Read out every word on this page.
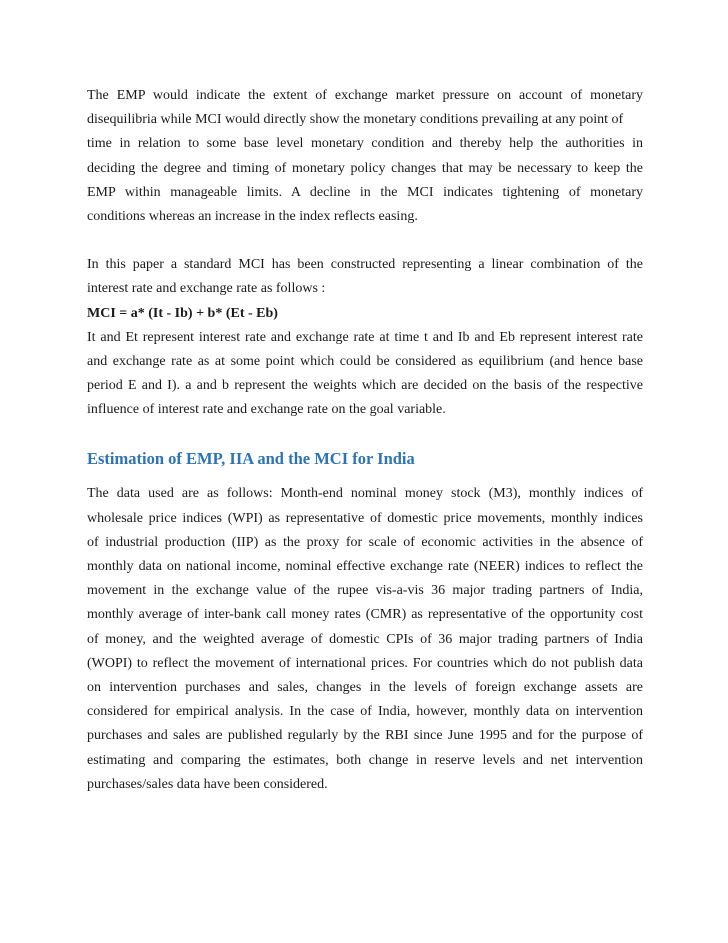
The EMP would indicate the extent of exchange market pressure on account of monetary
disequilibria while MCI would directly show the monetary conditions prevailing at any point of
time in relation to some base level monetary condition and thereby help the authorities in
deciding the degree and timing of monetary policy changes that may be necessary to keep the
EMP within manageable limits. A decline in the MCI indicates tightening of monetary
conditions whereas an increase in the index reflects easing.

In this paper a standard MCI has been constructed representing a linear combination of the
interest rate and exchange rate as follows :
MCI = a* (It - Ib) + b* (Et - Eb)
It and Et represent interest rate and exchange rate at time t and Ib and Eb represent interest rate
and exchange rate as at some point which could be considered as equilibrium (and hence base
period E and I). a and b represent the weights which are decided on the basis of the respective
influence of interest rate and exchange rate on the goal variable.

Estimation of EMP, IIA and the MCI for India

The data used are as follows: Month-end nominal money stock (M3), monthly indices of
wholesale price indices (WPI) as representative of domestic price movements, monthly indices
of industrial production (IIP) as the proxy for scale of economic activities in the absence of
monthly data on national income, nominal effective exchange rate (NEER) indices to reflect the
movement in the exchange value of the rupee vis-a-vis 36 major trading partners of India,
monthly average of inter-bank call money rates (CMR) as representative of the opportunity cost
of money, and the weighted average of domestic CPIs of 36 major trading partners of India
(WOPI) to reflect the movement of international prices. For countries which do not publish data
on intervention purchases and sales, changes in the levels of foreign exchange assets are
considered for empirical analysis. In the case of India, however, monthly data on intervention
purchases and sales are published regularly by the RBI since June 1995 and for the purpose of
estimating and comparing the estimates, both change in reserve levels and net intervention
purchases/sales data have been considered.
